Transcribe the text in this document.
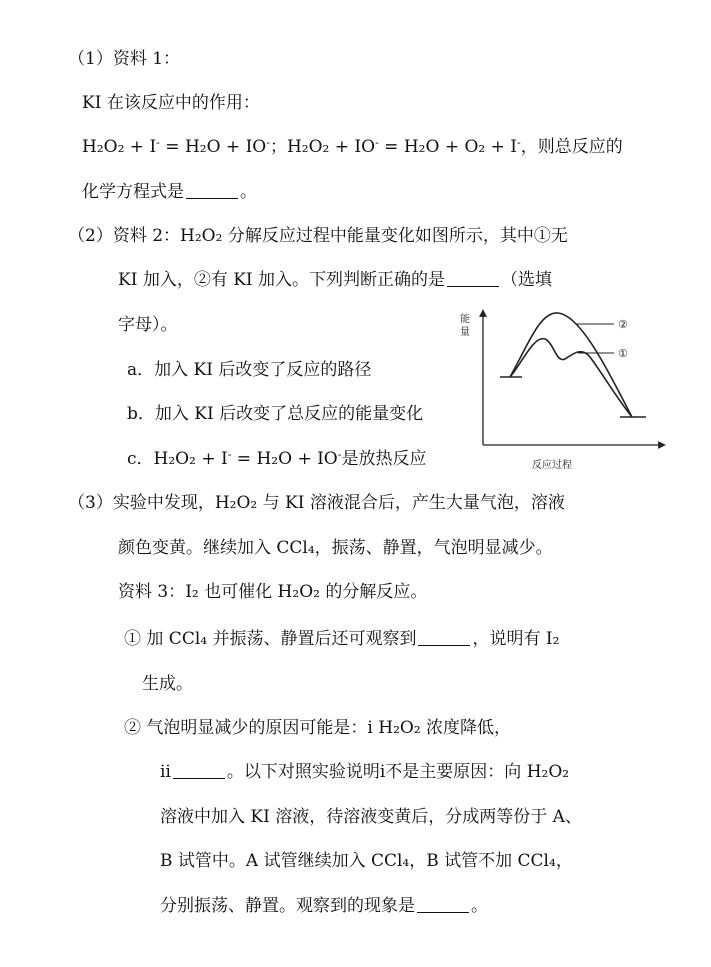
（1）资料 1：
KI 在该反应中的作用：
H₂O₂ + I- = H₂O + IO-；H₂O₂ + IO- = H₂O + O₂ + I-，则总反应的
化学方程式是	。
（2）资料 2：H₂O₂ 分解反应过程中能量变化如图所示，其中①无
KI 加入，②有 KI 加入。下列判断正确的是	（选填
字母）。
a．加入 KI 后改变了反应的路径
b．加入 KI 后改变了总反应的能量变化
c．H₂O₂ + I- = H₂O + IO-是放热反应
能
量
反应过程
②
①
（3）实验中发现，H₂O₂ 与 KI 溶液混合后，产生大量气泡，溶液
颜色变黄。继续加入 CCl₄，振荡、静置，气泡明显减少。
资料 3：I₂ 也可催化 H₂O₂ 的分解反应。
① 加 CCl₄ 并振荡、静置后还可观察到	，说明有 I₂
生成。
② 气泡明显减少的原因可能是：ⅰ H₂O₂ 浓度降低，
ⅱ	。以下对照实验说明ⅰ不是主要原因：向 H₂O₂
溶液中加入 KI 溶液，待溶液变黄后，分成两等份于 A、
B 试管中。A 试管继续加入 CCl₄，B 试管不加 CCl₄，
分别振荡、静置。观察到的现象是	。
